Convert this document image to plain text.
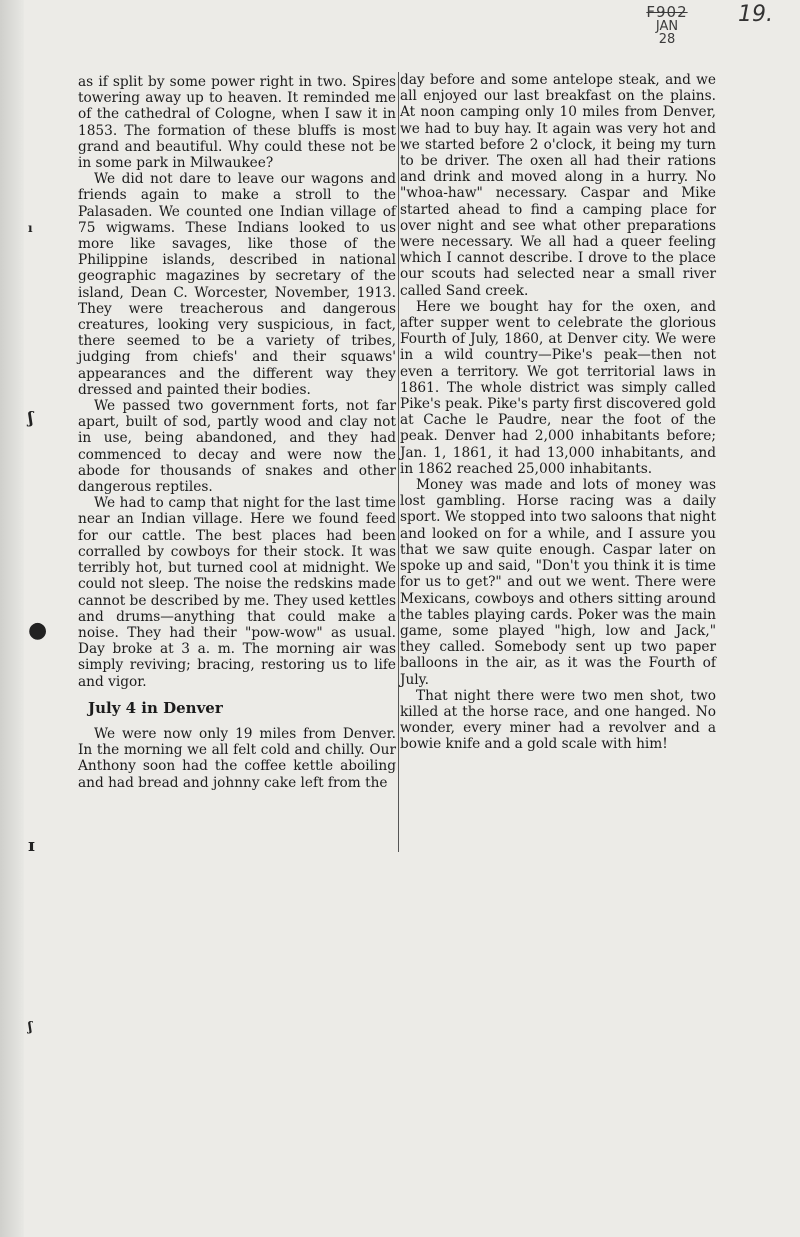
ı
ʃ
●
ɪ
ʃ
F902
JAN
28
19.

as if split by some power right in two. Spires towering away up to heaven. It reminded me of the cathedral of Cologne, when I saw it in 1853. The formation of these bluffs is most grand and beautiful. Why could these not be in some park in Milwaukee?

We did not dare to leave our wagons and friends again to make a stroll to the Palasaden. We counted one Indian village of 75 wigwams. These Indians looked to us more like savages, like those of the Philippine islands, described in national geographic magazines by secretary of the island, Dean C. Worcester, November, 1913. They were treacherous and dangerous creatures, looking very suspicious, in fact, there seemed to be a variety of tribes, judging from chiefs' and their squaws' appearances and the different way they dressed and painted their bodies.

We passed two government forts, not far apart, built of sod, partly wood and clay not in use, being abandoned, and they had commenced to decay and were now the abode for thousands of snakes and other dangerous reptiles.

We had to camp that night for the last time near an Indian village. Here we found feed for our cattle. The best places had been corralled by cowboys for their stock. It was terribly hot, but turned cool at midnight. We could not sleep. The noise the redskins made cannot be described by me. They used kettles and drums—anything that could make a noise. They had their "pow-wow" as usual. Day broke at 3 a. m. The morning air was simply reviving; bracing, restoring us to life and vigor.

July 4 in Denver

We were now only 19 miles from Denver. In the morning we all felt cold and chilly. Our Anthony soon had the coffee kettle aboiling and had bread and johnny cake left from the

day before and some antelope steak, and we all enjoyed our last breakfast on the plains. At noon camping only 10 miles from Denver, we had to buy hay. It again was very hot and we started before 2 o'clock, it being my turn to be driver. The oxen all had their rations and drink and moved along in a hurry. No "whoa-haw" necessary. Caspar and Mike started ahead to find a camping place for over night and see what other preparations were necessary. We all had a queer feeling which I cannot describe. I drove to the place our scouts had selected near a small river called Sand creek.

Here we bought hay for the oxen, and after supper went to celebrate the glorious Fourth of July, 1860, at Denver city. We were in a wild country—Pike's peak—then not even a territory. We got territorial laws in 1861. The whole district was simply called Pike's peak. Pike's party first discovered gold at Cache le Paudre, near the foot of the peak. Denver had 2,000 inhabitants before; Jan. 1, 1861, it had 13,000 inhabitants, and in 1862 reached 25,000 inhabitants.

Money was made and lots of money was lost gambling. Horse racing was a daily sport. We stopped into two saloons that night and looked on for a while, and I assure you that we saw quite enough. Caspar later on spoke up and said, "Don't you think it is time for us to get?" and out we went. There were Mexicans, cowboys and others sitting around the tables playing cards. Poker was the main game, some played "high, low and Jack," they called. Somebody sent up two paper balloons in the air, as it was the Fourth of July.

That night there were two men shot, two killed at the horse race, and one hanged. No wonder, every miner had a revolver and a bowie knife and a gold scale with him!
